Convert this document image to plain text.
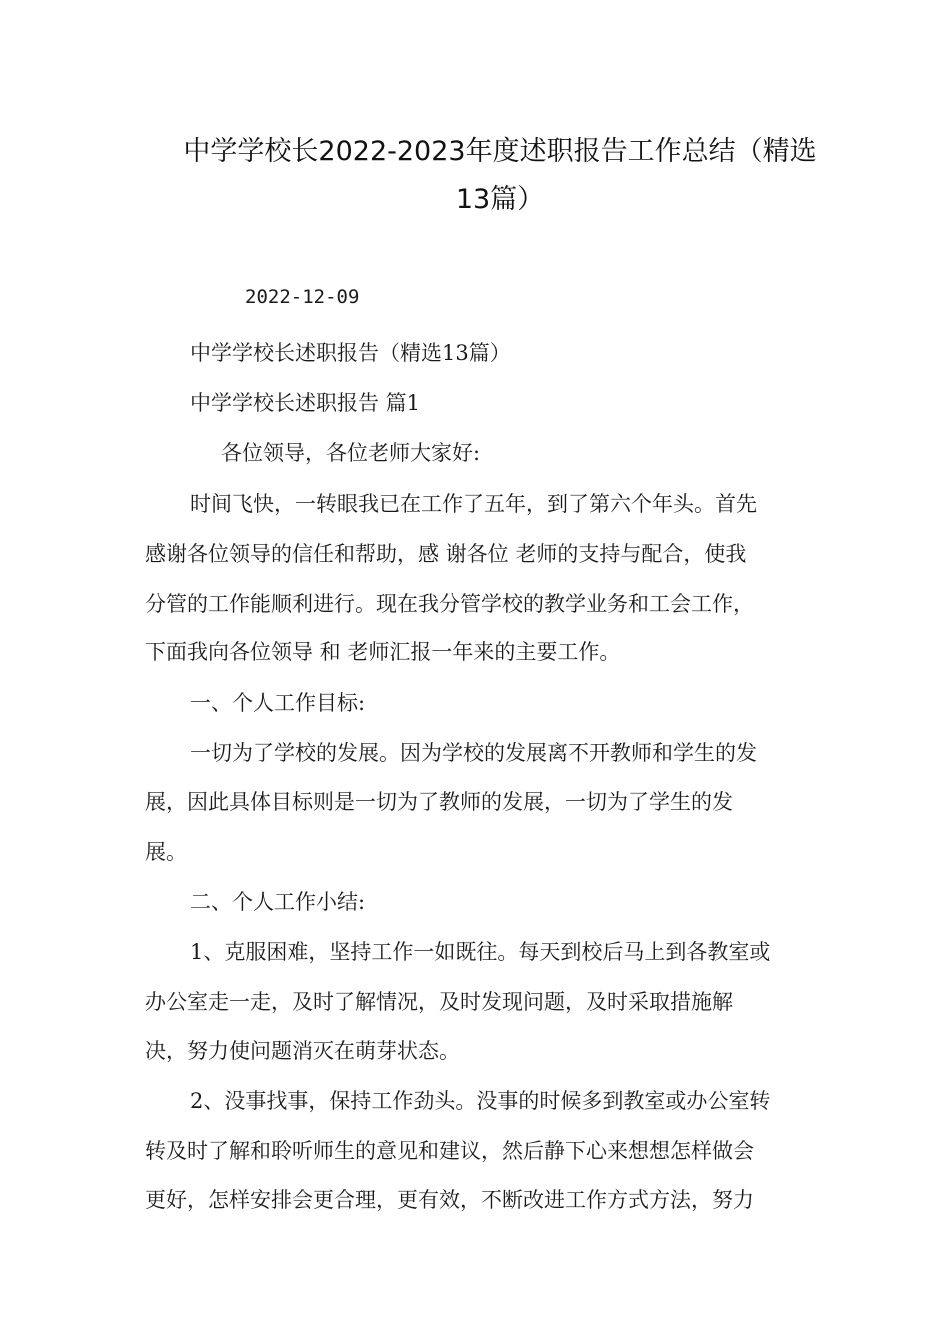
中学学校长2022-2023年度述职报告工作总结（精选
13篇）
2022-12-09
中学学校长述职报告（精选13篇）
中学学校长述职报告 篇1
各位领导，各位老师大家好:
时间飞快，一转眼我已在工作了五年，到了第六个年头。首先
感谢各位领导的信任和帮助，感 谢各位 老师的支持与配合，使我
分管的工作能顺利进行。现在我分管学校的教学业务和工会工作，
下面我向各位领导 和 老师汇报一年来的主要工作。
一、个人工作目标:
一切为了学校的发展。因为学校的发展离不开教师和学生的发
展，因此具体目标则是一切为了教师的发展，一切为了学生的发
展。
二、个人工作小结:
1、克服困难，坚持工作一如既往。每天到校后马上到各教室或
办公室走一走，及时了解情况，及时发现问题，及时采取措施解
决，努力使问题消灭在萌芽状态。
2、没事找事，保持工作劲头。没事的时候多到教室或办公室转
转及时了解和聆听师生的意见和建议，然后静下心来想想怎样做会
更好，怎样安排会更合理，更有效，不断改进工作方式方法，努力
